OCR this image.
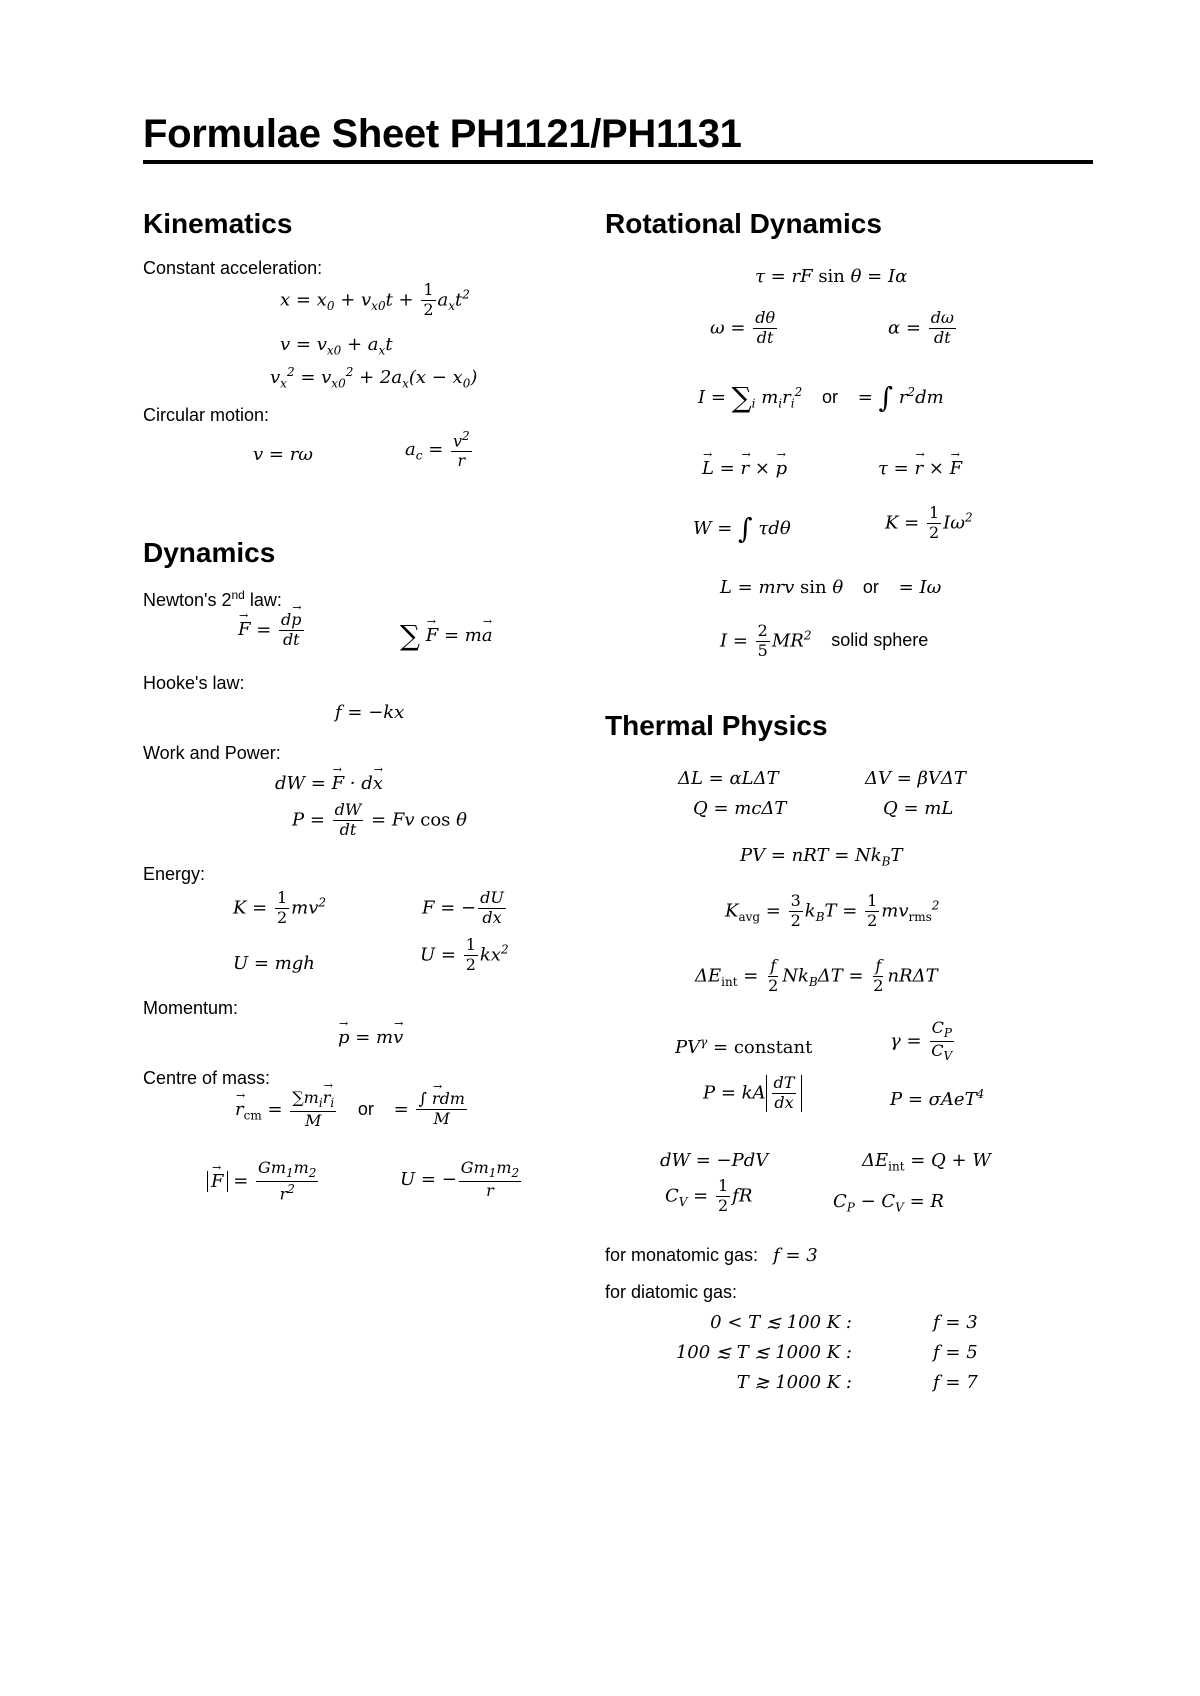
Formulae Sheet PH1121/PH1131
Kinematics
Constant acceleration:
$x = x_0 + v_{x0}t + \frac{1}{2} a_xt^2$
$v = v_{x0} + a_xt$
$v_x^2 = v_{x0}^2 + 2a_x(x - x_0)$
Circular motion:
v = rω	$a_c = \frac{v^2}{r}$
Dynamics
Newton's 2nd law:
→ $F = \frac{d\to p}{dt}$	∑ → F = m→ a
Hooke's law:
f = −kx
Work and Power:
dW = → F · d→ x
$P = \frac{dW}{dt} = Fv$ cos θ
Energy:
$K = \frac{1}{2} mv^2$	F = − $\frac{dU}{dx}$
U = mgh	$U = \frac{1}{2} kx^2$
Momentum:
→ p = m→ v
Centre of mass:
→ $r_{cm} = \frac{\sum m_i\to r_i}{M}$ or = $\frac{\text{∫ → rdm}}{M}$
→ $F = \frac{Gm_1m_2}{r^2}$	U = − $\frac{Gm_1m_2}{r}$
Rotational Dynamics
τ = rF sin θ = Iα
$\omega = \frac{d\theta}{dt}$	$\alpha = \frac{d\omega}{dt}$
$I = \sum_i$ $m_ir_i^2$ or = ∫ $r^2dm$
→ L = → r × → p	τ = → r × → F
W = ∫ τdθ	$K = \frac{1}{2} I\omega^2$
L = mrv sin θ or = Iω
$I = \frac{2}{5} MR^2$ solid sphere
Thermal Physics
ΔL = αLΔT	ΔV = βVΔT
Q = mcΔT	Q = mL
PV = nRT = $Nk_BT$
$K_{avg} = \frac{3}{2} k_BT = \frac{1}{2} mv_{rms}^2$
$\Delta E_{int} = \frac{f}{2} Nk_B\Delta T = \frac{f}{2}$ nRΔT
$PV^\gamma$ = constant	$\gamma = \frac{C_P}{C_V}$
P = kA $\frac{dT}{dx}$	P = σAeT$^4$
dW = −PdV	$\Delta E_{int} = Q + W$
$C_V = \frac{1}{2}$ fR	$C_P - C_V = R$
for monatomic gas: f = 3
for diatomic gas:
0 < T ≲ 100 K :	f = 3
100 ≲ T ≲ 1000 K :	f = 5
T ≳ 1000 K :	f = 7
